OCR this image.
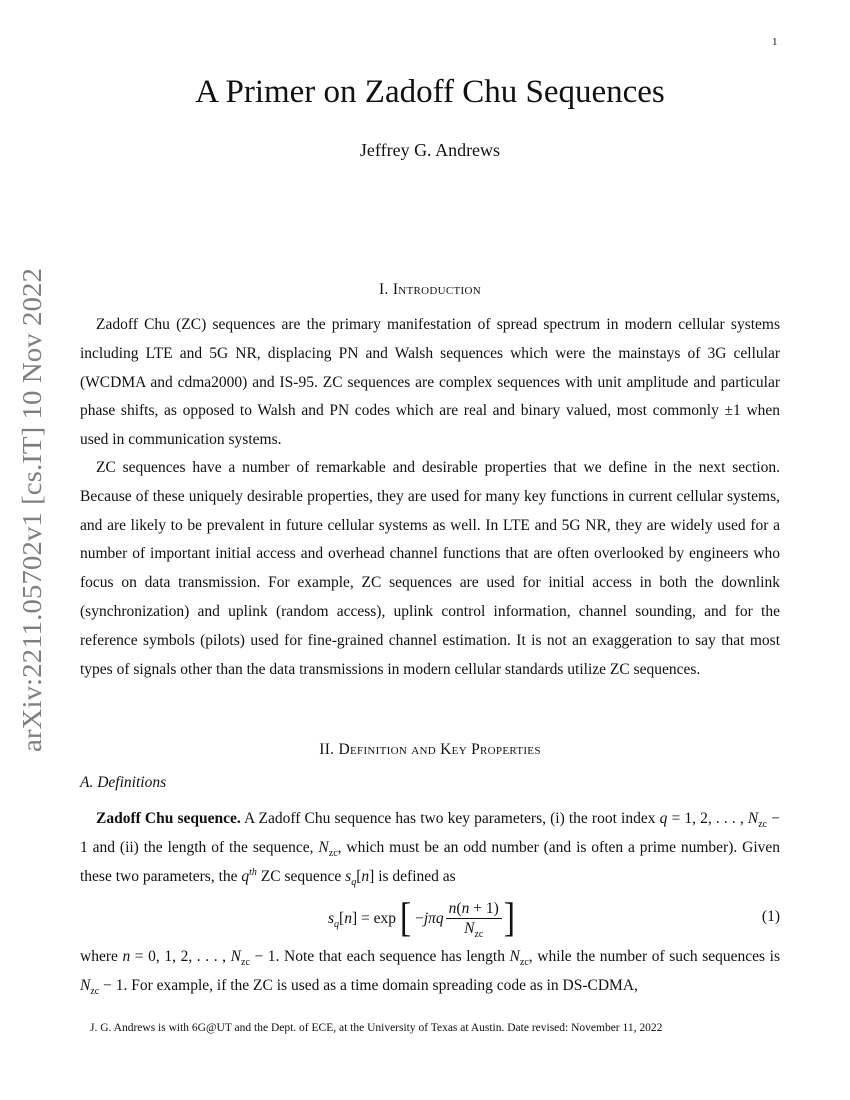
1
arXiv:2211.05702v1 [cs.IT] 10 Nov 2022
A Primer on Zadoff Chu Sequences
Jeffrey G. Andrews
I. Introduction

Zadoff Chu (ZC) sequences are the primary manifestation of spread spectrum in modern cellular systems including LTE and 5G NR, displacing PN and Walsh sequences which were the mainstays of 3G cellular (WCDMA and cdma2000) and IS-95. ZC sequences are complex sequences with unit amplitude and particular phase shifts, as opposed to Walsh and PN codes which are real and binary valued, most commonly ±1 when used in communication systems.

ZC sequences have a number of remarkable and desirable properties that we define in the next section. Because of these uniquely desirable properties, they are used for many key functions in current cellular systems, and are likely to be prevalent in future cellular systems as well. In LTE and 5G NR, they are widely used for a number of important initial access and overhead channel functions that are often overlooked by engineers who focus on data transmission. For example, ZC sequences are used for initial access in both the downlink (synchronization) and uplink (random access), uplink control information, channel sounding, and for the reference symbols (pilots) used for fine-grained channel estimation. It is not an exaggeration to say that most types of signals other than the data transmissions in modern cellular standards utilize ZC sequences.

II. Definition and Key Properties
A. Definitions

Zadoff Chu sequence. A Zadoff Chu sequence has two key parameters, (i) the root index q = 1, 2, . . . , $N_{zc} - 1$ and (ii) the length of the sequence, $N_{zc}$, which must be an odd number (and is often a prime number). Given these two parameters, the $q^{th}$ ZC sequence $s_q[n]$ is defined as

$s_q$ [ n ] = exp [ − jπq $\frac{n(n + 1)}{N_{zc}}$ ]	(1)

where n = 0, 1, 2, . . . , $N_{zc} - 1$. Note that each sequence has length $N_{zc}$, while the number of such sequences is $N_{zc} - 1$. For example, if the ZC is used as a time domain spreading code as in DS-CDMA,

J. G. Andrews is with 6G@UT and the Dept. of ECE, at the University of Texas at Austin. Date revised: November 11, 2022
